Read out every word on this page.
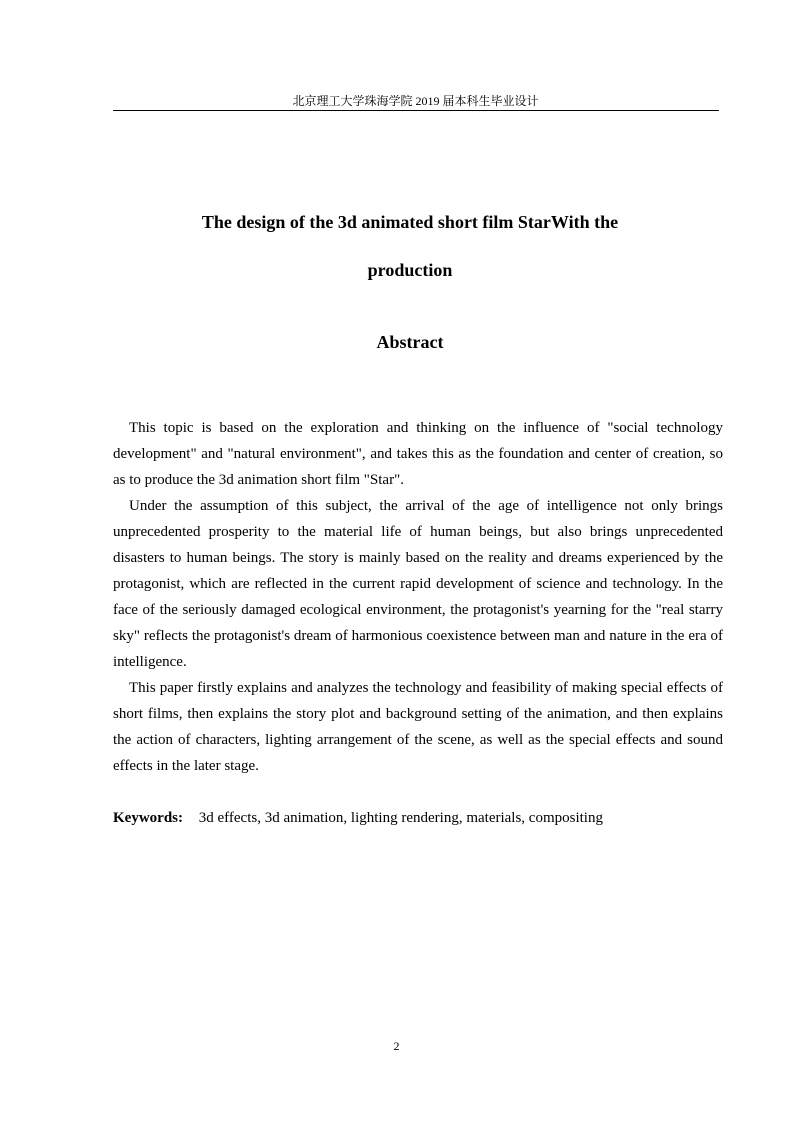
北京理工大学珠海学院 2019 届本科生毕业设计
The design of the 3d animated short film StarWith the
production
Abstract

This topic is based on the exploration and thinking on the influence of "social technology development" and "natural environment", and takes this as the foundation and center of creation, so as to produce the 3d animation short film "Star".

Under the assumption of this subject, the arrival of the age of intelligence not only brings unprecedented prosperity to the material life of human beings, but also brings unprecedented disasters to human beings. The story is mainly based on the reality and dreams experienced by the protagonist, which are reflected in the current rapid development of science and technology. In the face of the seriously damaged ecological environment, the protagonist's yearning for the "real starry sky" reflects the protagonist's dream of harmonious coexistence between man and nature in the era of intelligence.

This paper firstly explains and analyzes the technology and feasibility of making special effects of short films, then explains the story plot and background setting of the animation, and then explains the action of characters, lighting arrangement of the scene, as well as the special effects and sound effects in the later stage.

Keywords: 3d effects, 3d animation, lighting rendering, materials, compositing
2
